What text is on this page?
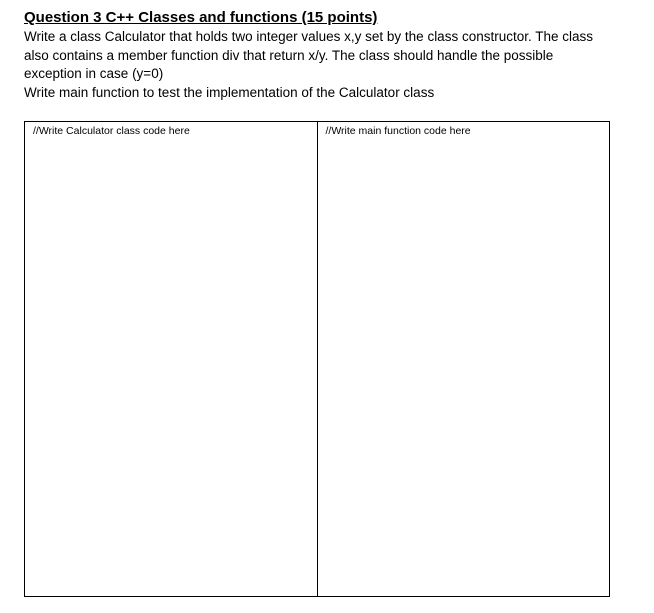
Question 3 C++ Classes and functions (15 points)

Write a class Calculator that holds two integer values x,y set by the class constructor. The class
also contains a member function div that return x/y. The class should handle the possible
exception in case (y=0)
Write main function to test the implementation of the Calculator class

//Write Calculator class code here	//Write main function code here
